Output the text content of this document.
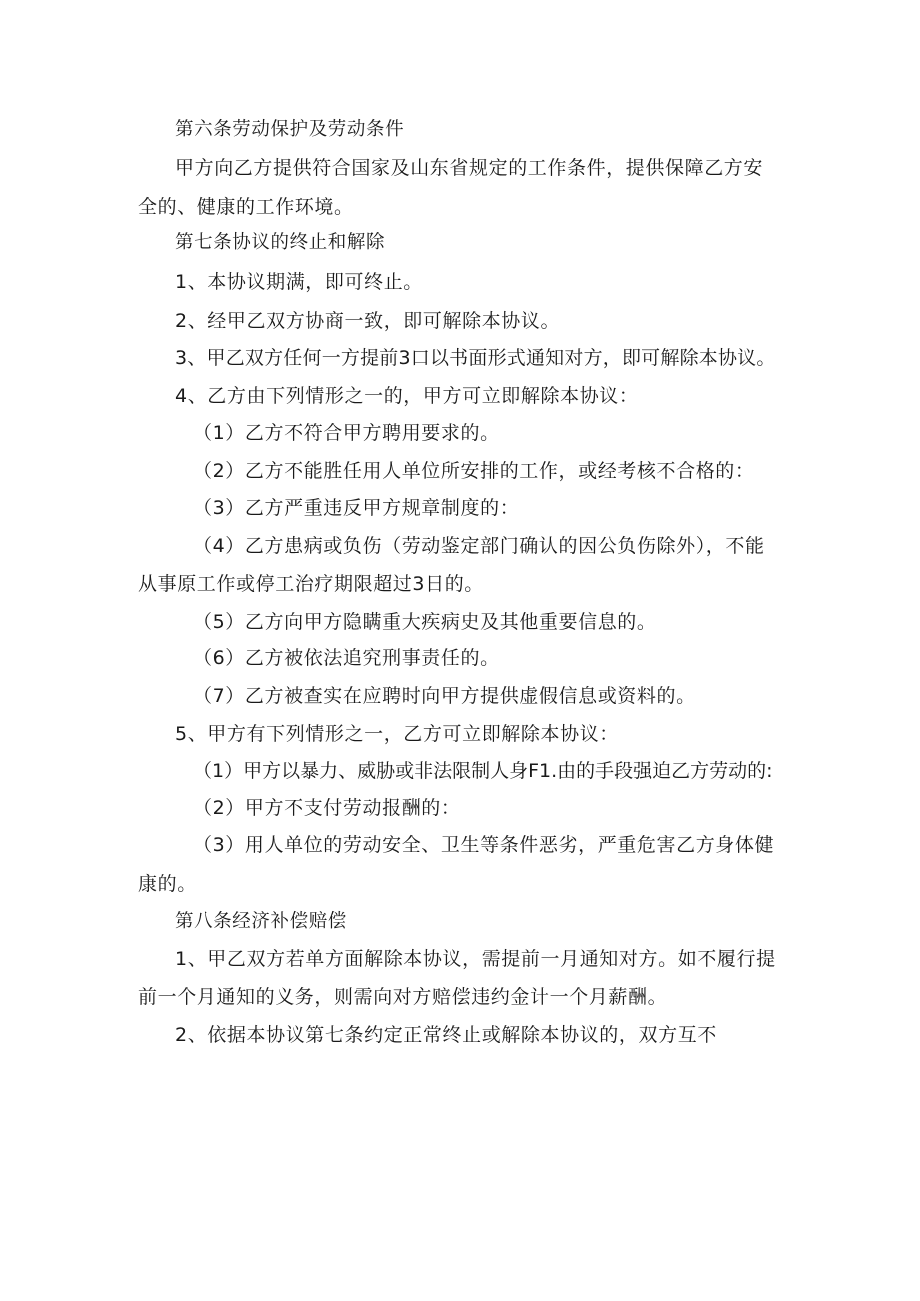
第六条劳动保护及劳动条件
甲方向乙方提供符合国家及山东省规定的工作条件，提供保障乙方安
全的、健康的工作环境。
第七条协议的终止和解除
1、本协议期满，即可终止。
2、经甲乙双方协商一致，即可解除本协议。
3、甲乙双方任何一方提前3口以书面形式通知对方，即可解除本协议。
4、乙方由下列情形之一的，甲方可立即解除本协议：
（1）乙方不符合甲方聘用要求的。
（2）乙方不能胜任用人单位所安排的工作，或经考核不合格的：
（3）乙方严重违反甲方规章制度的：
（4）乙方患病或负伤（劳动鉴定部门确认的因公负伤除外），不能
从事原工作或停工治疗期限超过3日的。
（5）乙方向甲方隐瞒重大疾病史及其他重要信息的。
（6）乙方被依法追究刑事责任的。
（7）乙方被查实在应聘时向甲方提供虚假信息或资料的。
5、甲方有下列情形之一，乙方可立即解除本协议：
（1）甲方以暴力、威胁或非法限制人身F1.由的手段强迫乙方劳动的:
（2）甲方不支付劳动报酬的：
（3）用人单位的劳动安全、卫生等条件恶劣，严重危害乙方身体健
康的。
第八条经济补偿赔偿
1、甲乙双方若单方面解除本协议，需提前一月通知对方。如不履行提
前一个月通知的义务，则需向对方赔偿违约金计一个月薪酬。
2、依据本协议第七条约定正常终止或解除本协议的，双方互不
